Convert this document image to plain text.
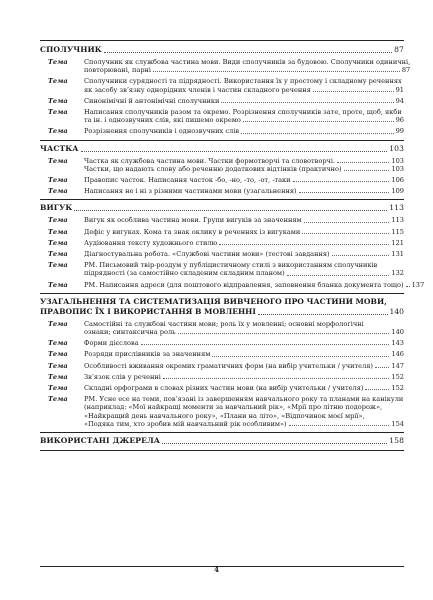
СПОЛУЧНИК	87
Тема	Сполучник як службова частина мови. Види сполучників за будовою. Сполучники одиничні,
повторювані, парні	87
Тема	Сполучники сурядності та підрядності. Використання їх у простому і складному реченнях
як засобу зв’язку однорідних членів і частин складного речення	91
Тема	Синонімічні й антонімічні сполучники	94
Тема	Написання сполучників разом та окремо. Розрізнення сполучників зате, проте, щоб, якби
та ін. і однозвучних слів, які пишемо окремо	96
Тема	Розрізнення сполучників і однозвучних слів	99
ЧАСТКА	103
Тема	Частка як службова частина мови. Частки формотворчі та словотворчі.	103
Частки, що надають слову або реченню додаткових відтінків (практично)	103
Тема	Правопис часток. Написання часток -бо, -но, -то, -от, -таки	106
Тема	Написання не і ні з різними частинами мови (узагальнення)	109
ВИГУК	113
Тема	Вигук як особлива частина мови. Групи вигуків за значенням	113
Тема	Дефіс у вигуках. Кома та знак оклику в реченнях із вигуками	115
Тема	Аудіювання тексту художнього стилю	121
Тема	Діагностувальна робота. «Службові частини мови» (тестові завдання)	131
Тема	РМ. Письмовий твір-роздум у публіцистичному стилі з використанням сполучників
підрядності (за самостійно складеним складним планом)	132
Тема	РМ. Написання адреси (для поштового відправлення, заповнення бланка документа тощо) 137
УЗАГАЛЬНЕННЯ ТА СИСТЕМАТИЗАЦІЯ ВИВЧЕНОГО ПРО ЧАСТИНИ МОВИ,
ПРАВОПИС ЇХ І ВИКОРИСТАННЯ В МОВЛЕННІ	140
Тема	Самостійні та службові частини мови; роль їх у мовленні; основні морфологічні
ознаки; синтаксична роль	140
Тема	Форми дієслова	143
Тема	Розряди прислівників за значенням	146
Тема	Особливості вживання окремих граматичних форм (на вибір учительки / учителя)	147
Тема	Зв’язок слів у реченні	152
Тема	Складні орфограми в словах різних частин мови (на вибір учительки / учителя)	152
Тема	РМ. Усне есе на теми, пов’язані із завершенням навчального року та планами на канікули
(наприклад: «Мої найкращі моменти за навчальний рік», «Мрії про літню подорож»,
«Найкращий день навчального року», «Плани на літо», «Відпочинок моєї мрії»,
«Подякa тим, хто зробив мій навчальний рік особливим»)	154
ВИКОРИСТАНІ ДЖЕРЕЛА	158
4
